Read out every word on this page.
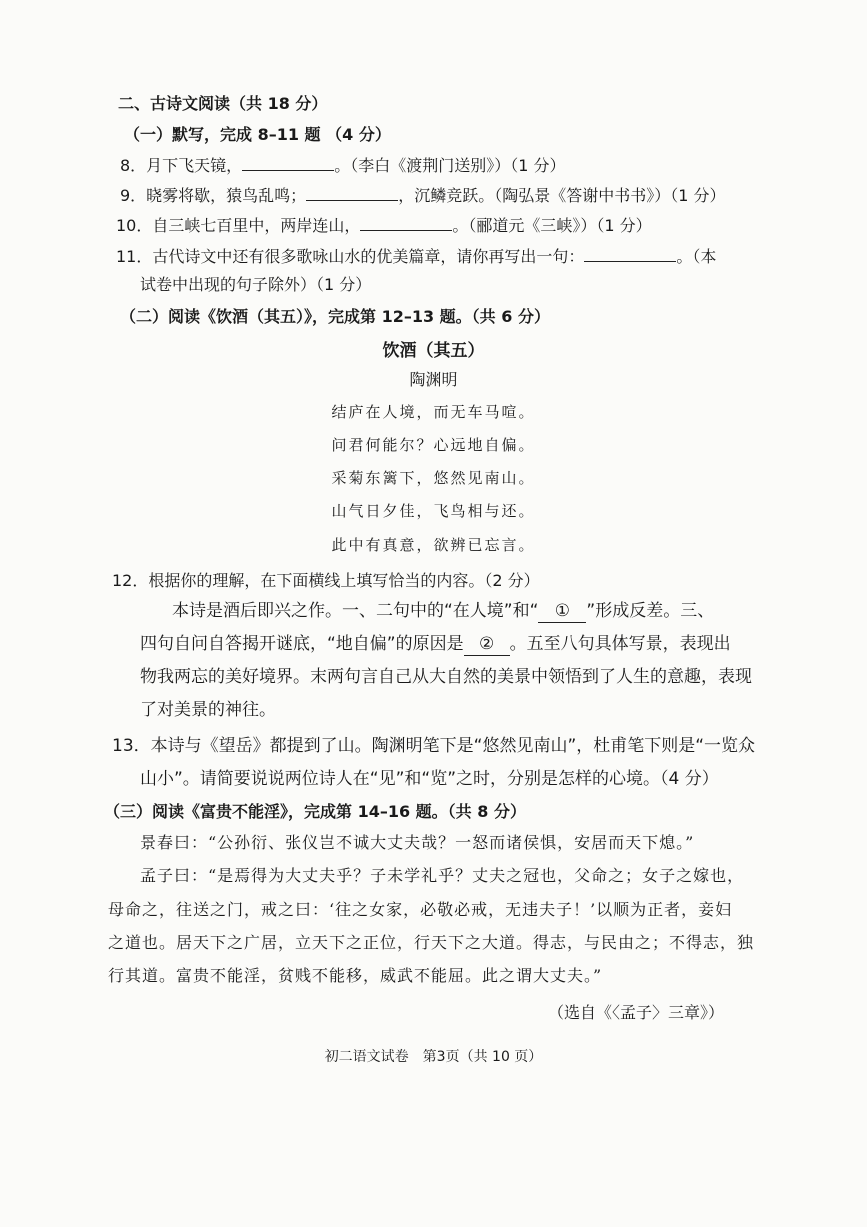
二、古诗文阅读（共 18 分）
（一）默写，完成 8–11 题 （4 分）
8．月下飞天镜，	。（李白《渡荆门送别》）（1 分）
9．晓雾将歇，猿鸟乱鸣；	，沉鳞竞跃。（陶弘景《答谢中书书》）（1 分）
10．自三峡七百里中，两岸连山，	。（郦道元《三峡》）（1 分）
11．古代诗文中还有很多歌咏山水的优美篇章，请你再写出一句：	。（本
试卷中出现的句子除外）（1 分）
（二）阅读《饮酒（其五）》，完成第 12–13 题。（共 6 分）
饮酒（其五）
陶渊明
结庐在人境，而无车马喧。
问君何能尔？心远地自偏。
采菊东篱下，悠然见南山。
山气日夕佳，飞鸟相与还。
此中有真意，欲辨已忘言。
12．根据你的理解，在下面横线上填写恰当的内容。（2 分）
本诗是酒后即兴之作。一、二句中的“在人境”和“ ① ”形成反差。三、
四句自问自答揭开谜底，“地自偏”的原因是 ② 。五至八句具体写景，表现出
物我两忘的美好境界。末两句言自己从大自然的美景中领悟到了人生的意趣，表现
了对美景的神往。
13．本诗与《望岳》都提到了山。陶渊明笔下是“悠然见南山”，杜甫笔下则是“一览众
山小”。请简要说说两位诗人在“见”和“览”之时，分别是怎样的心境。（4 分）
（三）阅读《富贵不能淫》，完成第 14–16 题。（共 8 分）
景春曰：“公孙衍、张仪岂不诚大丈夫哉？一怒而诸侯惧，安居而天下熄。”
孟子曰：“是焉得为大丈夫乎？子未学礼乎？丈夫之冠也，父命之；女子之嫁也，
母命之，往送之门，戒之曰：‘往之女家，必敬必戒，无违夫子！’以顺为正者，妾妇
之道也。居天下之广居，立天下之正位，行天下之大道。得志，与民由之；不得志，独
行其道。富贵不能淫，贫贱不能移，威武不能屈。此之谓大丈夫。”
（选自《〈孟子〉三章》）
初二语文试卷　第3页（共 10 页）
